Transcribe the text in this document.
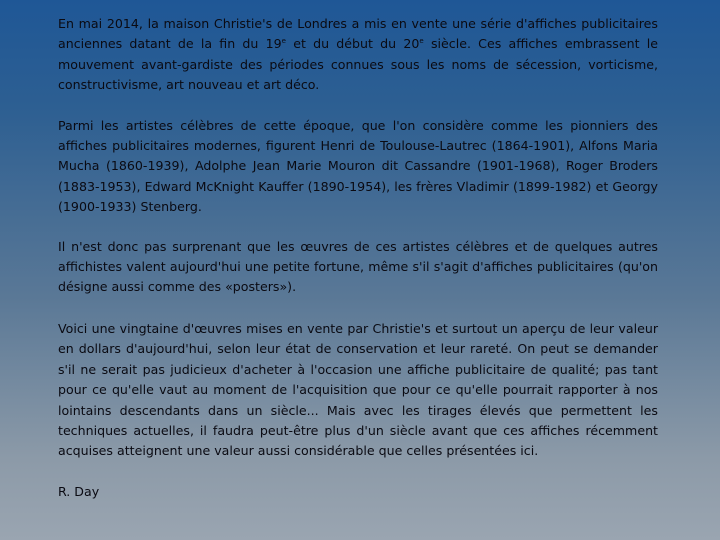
En mai 2014, la maison Christie's de Londres a mis en vente une série d'affiches publicitaires anciennes datant de la fin du 19e et du début du 20e siècle. Ces affiches embrassent le mouvement avant-gardiste des périodes connues sous les noms de sécession, vorticisme, constructivisme, art nouveau et art déco.

Parmi les artistes célèbres de cette époque, que l'on considère comme les pionniers des affiches publicitaires modernes, figurent Henri de Toulouse-Lautrec (1864-1901), Alfons Maria Mucha (1860-1939), Adolphe Jean Marie Mouron dit Cassandre (1901-1968), Roger Broders (1883-1953), Edward McKnight Kauffer (1890-1954), les frères Vladimir (1899-1982) et Georgy (1900-1933) Stenberg.

Il n'est donc pas surprenant que les œuvres de ces artistes célèbres et de quelques autres affichistes valent aujourd'hui une petite fortune, même s'il s'agit d'affiches publicitaires (qu'on désigne aussi comme des «posters»).

Voici une vingtaine d'œuvres mises en vente par Christie's et surtout un aperçu de leur valeur en dollars d'aujourd'hui, selon leur état de conservation et leur rareté. On peut se demander s'il ne serait pas judicieux d'acheter à l'occasion une affiche publicitaire de qualité; pas tant pour ce qu'elle vaut au moment de l'acquisition que pour ce qu'elle pourrait rapporter à nos lointains descendants dans un siècle... Mais avec les tirages élevés que permettent les techniques actuelles, il faudra peut-être plus d'un siècle avant que ces affiches récemment acquises atteignent une valeur aussi considérable que celles présentées ici.

R. Day
